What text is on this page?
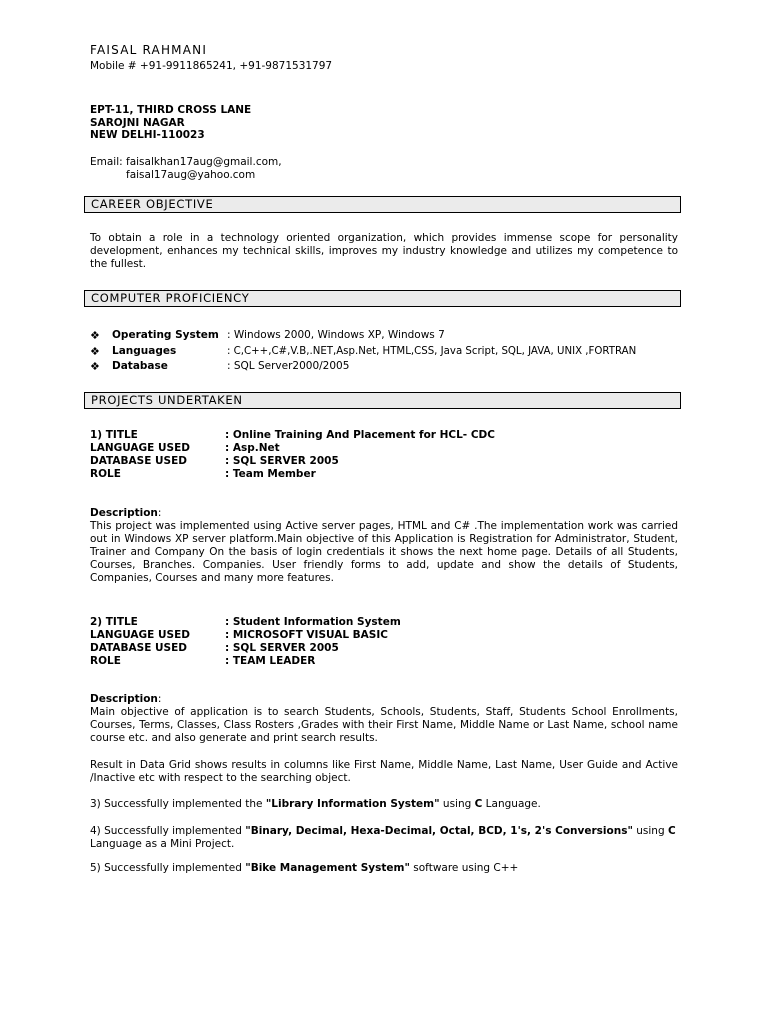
FAISAL RAHMANI
Mobile # +91-9911865241, +91-9871531797
EPT-11, THIRD CROSS LANE
SAROJNI NAGAR
NEW DELHI-110023
Email: faisalkhan17aug@gmail.com,
faisal17aug@yahoo.com
CAREER OBJECTIVE
To obtain a role in a technology oriented organization, which provides immense scope for personality development, enhances my technical skills, improves my industry knowledge and utilizes my competence to the fullest.
COMPUTER PROFICIENCY
❖ Operating System : Windows 2000, Windows XP, Windows 7
❖ Languages	: C,C++,C#,V.B,.NET,Asp.Net, HTML,CSS, Java Script, SQL, JAVA, UNIX ,FORTRAN
❖ Database	: SQL Server2000/2005
PROJECTS UNDERTAKEN
1) TITLE	: Online Training And Placement for HCL- CDC
LANGUAGE USED	: Asp.Net
DATABASE USED	: SQL SERVER 2005
ROLE	: Team Member
Description:
This project was implemented using Active server pages, HTML and C# .The implementation work was carried out in Windows XP server platform.Main objective of this Application is Registration for Administrator, Student, Trainer and Company On the basis of login credentials it shows the next home page. Details of all Students, Courses, Branches. Companies. User friendly forms to add, update and show the details of Students, Companies, Courses and many more features.
2) TITLE	: Student Information System
LANGUAGE USED	: MICROSOFT VISUAL BASIC
DATABASE USED	: SQL SERVER 2005
ROLE	: TEAM LEADER
Description:
Main objective of application is to search Students, Schools, Students, Staff, Students School Enrollments, Courses, Terms, Classes, Class Rosters ,Grades with their First Name, Middle Name or Last Name, school name course etc. and also generate and print search results.
Result in Data Grid shows results in columns like First Name, Middle Name, Last Name, User Guide and Active /Inactive etc with respect to the searching object.
3) Successfully implemented the "Library Information System" using C Language.
4) Successfully implemented "Binary, Decimal, Hexa-Decimal, Octal, BCD, 1's, 2's Conversions" using C
Language as a Mini Project.
5) Successfully implemented "Bike Management System" software using C++
